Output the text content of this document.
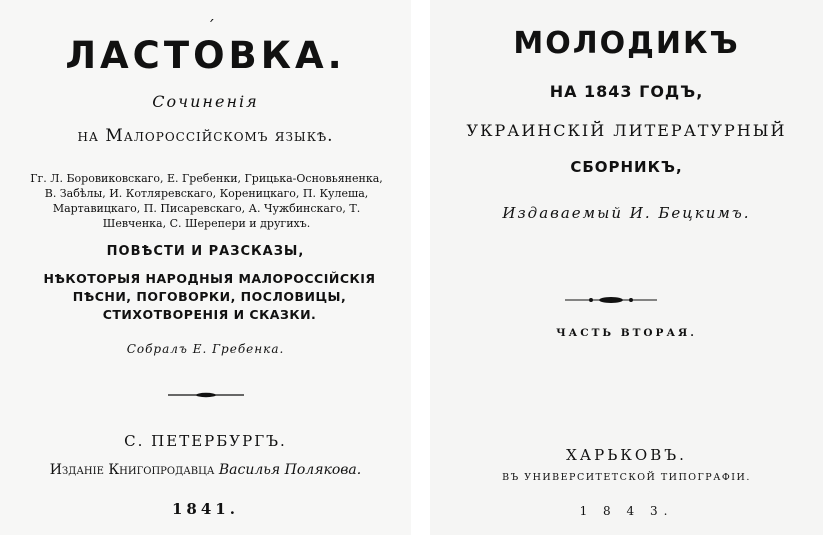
´
ЛАСТОВКА.
Сочиненія
на Малороссійскомъ языкѣ.
Гг. Л. Боровиковскаго, Е. Гребенки, Грицька-Основьяненка, В. Забѣлы, И. Котляревскаго, Кореницкаго, П. Кулеша, Мартавицкаго, П. Писаревскаго, А. Чужбинскаго, Т. Шевченка, С. Шерепери и другихъ.
ПОВѢСТИ И РАЗСКАЗЫ,
НѢКОТОРЫЯ НАРОДНЫЯ МАЛОРОССІЙСКІЯ ПѢСНИ, ПОГОВОРКИ, ПОСЛОВИЦЫ, СТИХОТВОРЕНІЯ И СКАЗКИ.
Собралъ Е. Гребенка.
С. ПЕТЕРБУРГЪ.
Изданіе Книгопродавца Василья Полякова.
1841.
МОЛОДИКЪ
НА 1843 ГОДЪ,
УКРАИНСКІЙ ЛИТЕРАТУРНЫЙ
СБОРНИКЪ,
Издаваемый И. Бецкимъ.
ЧАСТЬ ВТОРАЯ.
ХАРЬКОВЪ.
ВЪ УНИВЕРСИТЕТСКОЙ ТИПОГРАФІИ.
1 8 4 3.
